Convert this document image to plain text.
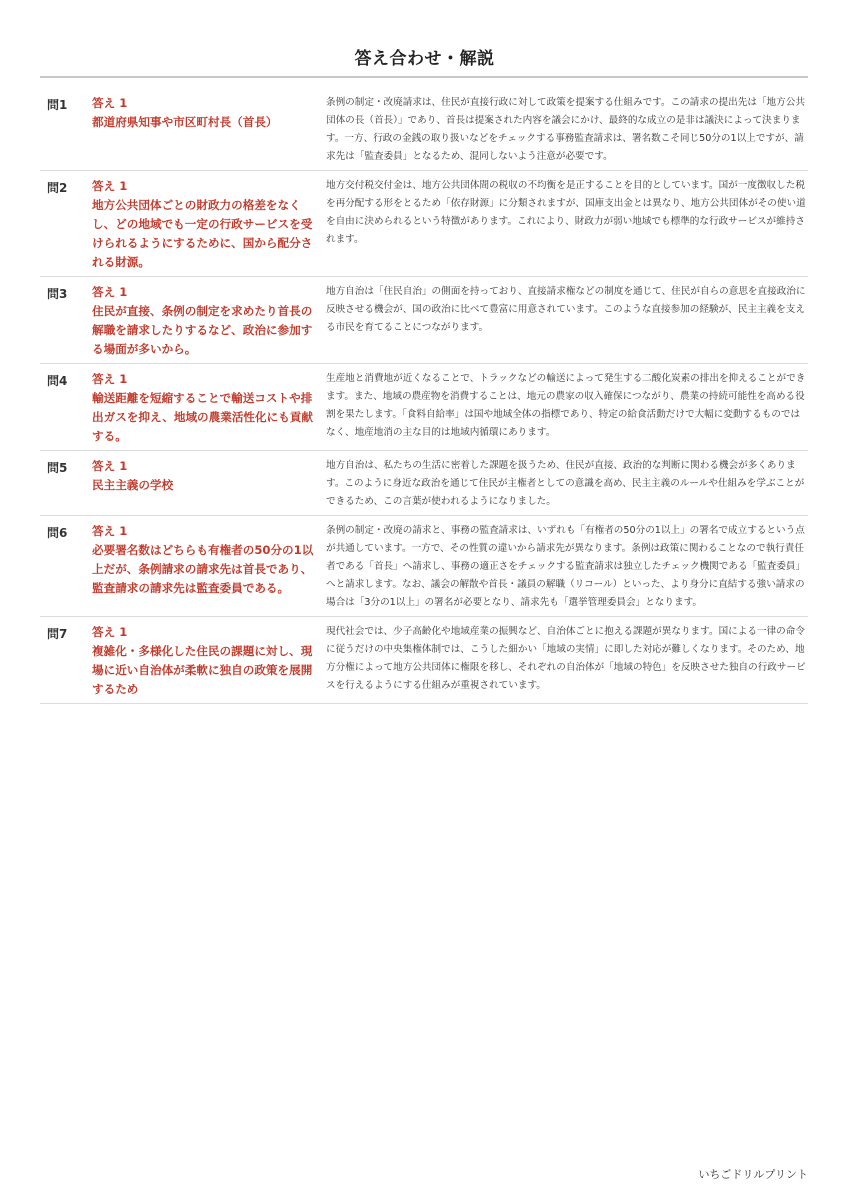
答え合わせ・解説
問1	答え 1
都道府県知事や市区町村長（首長）
条例の制定・改廃請求は、住民が直接行政に対して政策を提案する仕組みです。この請求の提出先は「地方公共団体の長（首長）」であり、首長は提案された内容を議会にかけ、最終的な成立の是非は議決によって決まります。一方、行政の金銭の取り扱いなどをチェックする事務監査請求は、署名数こそ同じ50分の1以上ですが、請求先は「監査委員」となるため、混同しないよう注意が必要です。
問2	答え 1
地方公共団体ごとの財政力の格差をなくし、どの地域でも一定の行政サービスを受けられるようにするために、国から配分される財源。
地方交付税交付金は、地方公共団体間の税収の不均衡を是正することを目的としています。国が一度徴収した税を再分配する形をとるため「依存財源」に分類されますが、国庫支出金とは異なり、地方公共団体がその使い道を自由に決められるという特徴があります。これにより、財政力が弱い地域でも標準的な行政サービスが維持されます。
問3	答え 1
住民が直接、条例の制定を求めたり首長の解職を請求したりするなど、政治に参加する場面が多いから。
地方自治は「住民自治」の側面を持っており、直接請求権などの制度を通じて、住民が自らの意思を直接政治に反映させる機会が、国の政治に比べて豊富に用意されています。このような直接参加の経験が、民主主義を支える市民を育てることにつながります。
問4	答え 1
輸送距離を短縮することで輸送コストや排出ガスを抑え、地域の農業活性化にも貢献する。
生産地と消費地が近くなることで、トラックなどの輸送によって発生する二酸化炭素の排出を抑えることができます。また、地域の農産物を消費することは、地元の農家の収入確保につながり、農業の持続可能性を高める役割を果たします。「食料自給率」は国や地域全体の指標であり、特定の給食活動だけで大幅に変動するものではなく、地産地消の主な目的は地域内循環にあります。
問5	答え 1
民主主義の学校
地方自治は、私たちの生活に密着した課題を扱うため、住民が直接、政治的な判断に関わる機会が多くあります。このように身近な政治を通じて住民が主権者としての意識を高め、民主主義のルールや仕組みを学ぶことができるため、この言葉が使われるようになりました。
問6	答え 1
必要署名数はどちらも有権者の50分の1以上だが、条例請求の請求先は首長であり、監査請求の請求先は監査委員である。
条例の制定・改廃の請求と、事務の監査請求は、いずれも「有権者の50分の1以上」の署名で成立するという点が共通しています。一方で、その性質の違いから請求先が異なります。条例は政策に関わることなので執行責任者である「首長」へ請求し、事務の適正さをチェックする監査請求は独立したチェック機関である「監査委員」へと請求します。なお、議会の解散や首長・議員の解職（リコール）といった、より身分に直結する強い請求の場合は「3分の1以上」の署名が必要となり、請求先も「選挙管理委員会」となります。
問7	答え 1
複雑化・多様化した住民の課題に対し、現場に近い自治体が柔軟に独自の政策を展開するため
現代社会では、少子高齢化や地域産業の振興など、自治体ごとに抱える課題が異なります。国による一律の命令に従うだけの中央集権体制では、こうした細かい「地域の実情」に即した対応が難しくなります。そのため、地方分権によって地方公共団体に権限を移し、それぞれの自治体が「地域の特色」を反映させた独自の行政サービスを行えるようにする仕組みが重視されています。
いちごドリルプリント
